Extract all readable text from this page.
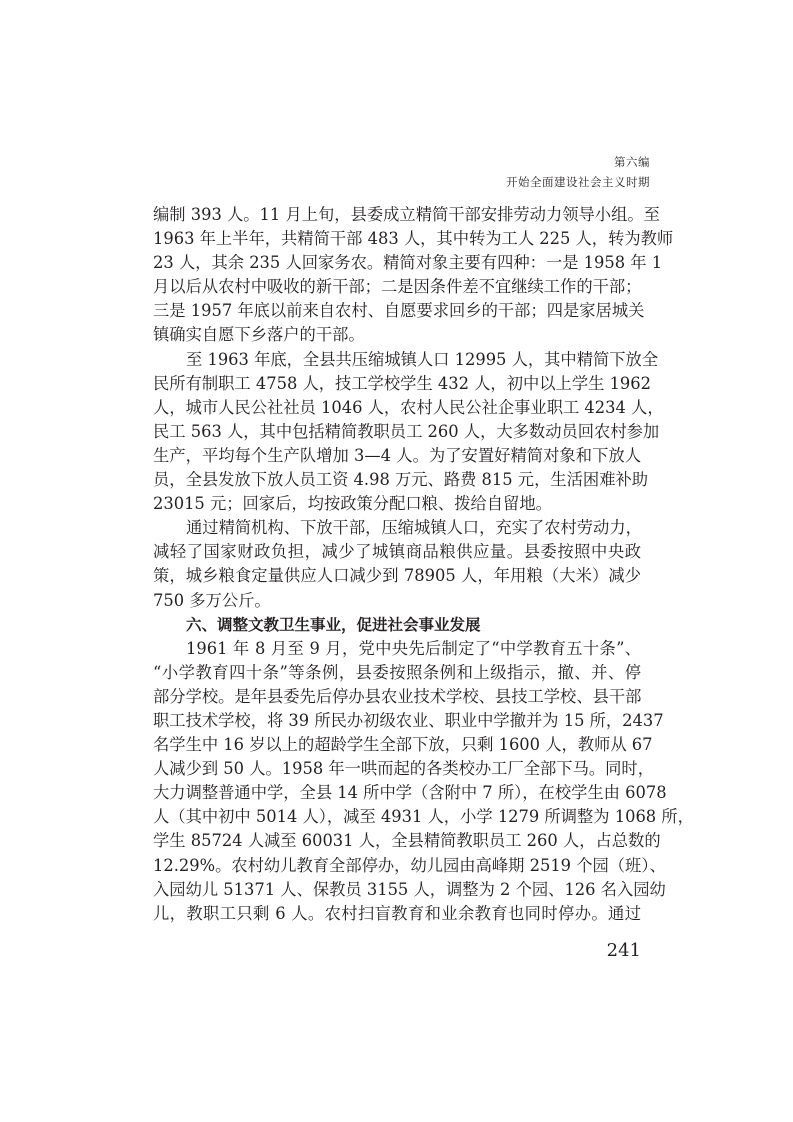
第六编
开始全面建设社会主义时期
编制 393 人。11 月上旬，县委成立精简干部安排劳动力领导小组。至
1963 年上半年，共精简干部 483 人，其中转为工人 225 人，转为教师
23 人，其余 235 人回家务农。精简对象主要有四种：一是 1958 年 1
月以后从农村中吸收的新干部；二是因条件差不宜继续工作的干部；
三是 1957 年底以前来自农村、自愿要求回乡的干部；四是家居城关
镇确实自愿下乡落户的干部。
至 1963 年底，全县共压缩城镇人口 12995 人，其中精简下放全
民所有制职工 4758 人，技工学校学生 432 人，初中以上学生 1962
人，城市人民公社社员 1046 人，农村人民公社企事业职工 4234 人，
民工 563 人，其中包括精简教职员工 260 人，大多数动员回农村参加
生产，平均每个生产队增加 3—4 人。为了安置好精简对象和下放人
员，全县发放下放人员工资 4.98 万元、路费 815 元，生活困难补助
23015 元；回家后，均按政策分配口粮、拨给自留地。
通过精简机构、下放干部，压缩城镇人口，充实了农村劳动力，
减轻了国家财政负担，减少了城镇商品粮供应量。县委按照中央政
策，城乡粮食定量供应人口减少到 78905 人，年用粮（大米）减少
750 多万公斤。
六、调整文教卫生事业，促进社会事业发展
1961 年 8 月至 9 月，党中央先后制定了“中学教育五十条”、
“小学教育四十条”等条例，县委按照条例和上级指示，撤、并、停
部分学校。是年县委先后停办县农业技术学校、县技工学校、县干部
职工技术学校，将 39 所民办初级农业、职业中学撤并为 15 所，2437
名学生中 16 岁以上的超龄学生全部下放，只剩 1600 人，教师从 67
人减少到 50 人。1958 年一哄而起的各类校办工厂全部下马。同时，
大力调整普通中学，全县 14 所中学（含附中 7 所），在校学生由 6078
人（其中初中 5014 人），减至 4931 人，小学 1279 所调整为 1068 所，
学生 85724 人减至 60031 人，全县精简教职员工 260 人，占总数的
12.29%。农村幼儿教育全部停办，幼儿园由高峰期 2519 个园（班）、
入园幼儿 51371 人、保教员 3155 人，调整为 2 个园、126 名入园幼
儿，教职工只剩 6 人。农村扫盲教育和业余教育也同时停办。通过
241
